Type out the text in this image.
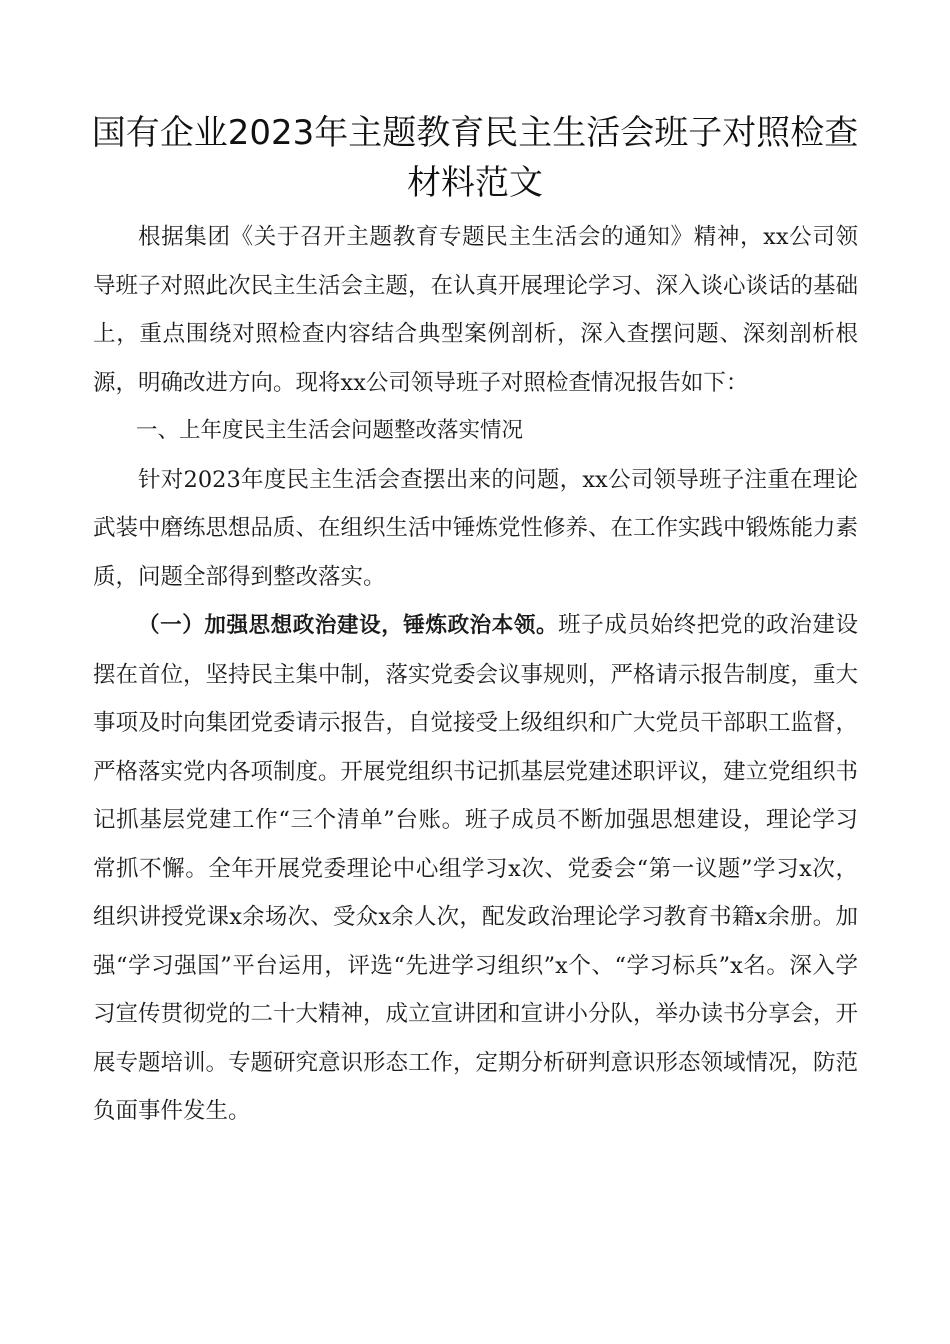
国有企业2023年主题教育民主生活会班子对照检查材料范文

根据集团《关于召开主题教育专题民主生活会的通知》精神，xx公司领导班子对照此次民主生活会主题，在认真开展理论学习、深入谈心谈话的基础上，重点围绕对照检查内容结合典型案例剖析，深入查摆问题、深刻剖析根源，明确改进方向。现将xx公司领导班子对照检查情况报告如下：

一、上年度民主生活会问题整改落实情况

针对2023年度民主生活会查摆出来的问题，xx公司领导班子注重在理论武装中磨练思想品质、在组织生活中锤炼党性修养、在工作实践中锻炼能力素质，问题全部得到整改落实。

（一）加强思想政治建设，锤炼政治本领。班子成员始终把党的政治建设摆在首位，坚持民主集中制，落实党委会议事规则，严格请示报告制度，重大事项及时向集团党委请示报告，自觉接受上级组织和广大党员干部职工监督，严格落实党内各项制度。开展党组织书记抓基层党建述职评议，建立党组织书记抓基层党建工作“三个清单”台账。班子成员不断加强思想建设，理论学习常抓不懈。全年开展党委理论中心组学习x次、党委会“第一议题”学习x次，组织讲授党课x余场次、受众x余人次，配发政治理论学习教育书籍x余册。加强“学习强国”平台运用，评选“先进学习组织”x个、“学习标兵”x名。深入学习宣传贯彻党的二十大精神，成立宣讲团和宣讲小分队，举办读书分享会，开展专题培训。专题研究意识形态工作，定期分析研判意识形态领域情况，防范负面事件发生。
